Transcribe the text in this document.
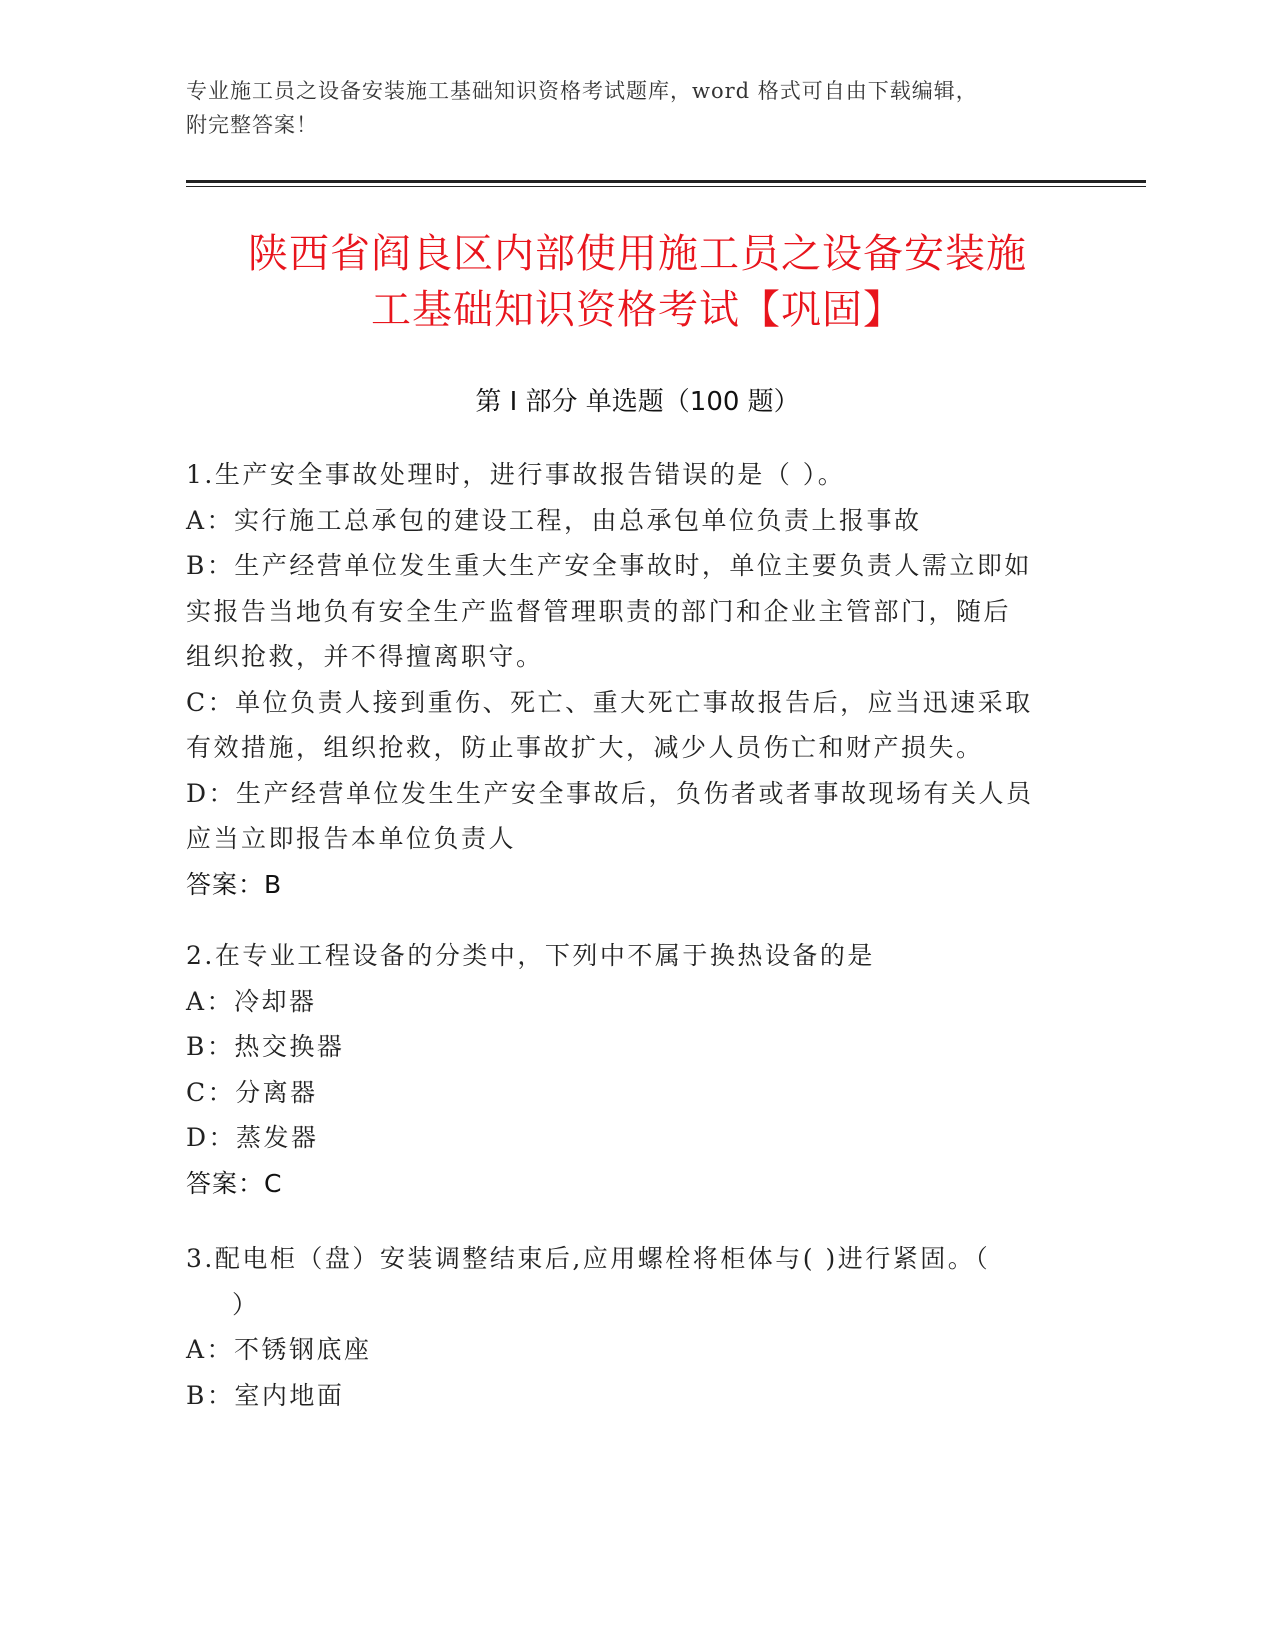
专业施工员之设备安装施工基础知识资格考试题库，word 格式可自由下载编辑，
附完整答案！
陕西省阎良区内部使用施工员之设备安装施
工基础知识资格考试【巩固】
第 I 部分 单选题（100 题）
1.生产安全事故处理时，进行事故报告错误的是（ ）。
A：实行施工总承包的建设工程，由总承包单位负责上报事故
B：生产经营单位发生重大生产安全事故时，单位主要负责人需立即如
实报告当地负有安全生产监督管理职责的部门和企业主管部门，随后
组织抢救，并不得擅离职守。
C：单位负责人接到重伤、死亡、重大死亡事故报告后，应当迅速采取
有效措施，组织抢救，防止事故扩大，减少人员伤亡和财产损失。
D：生产经营单位发生生产安全事故后，负伤者或者事故现场有关人员
应当立即报告本单位负责人
答案：B
2.在专业工程设备的分类中，下列中不属于换热设备的是
A：冷却器
B：热交换器
C：分离器
D：蒸发器
答案：C
3.配电柜（盘）安装调整结束后,应用螺栓将柜体与( )进行紧固。（
）
A：不锈钢底座
B：室内地面
